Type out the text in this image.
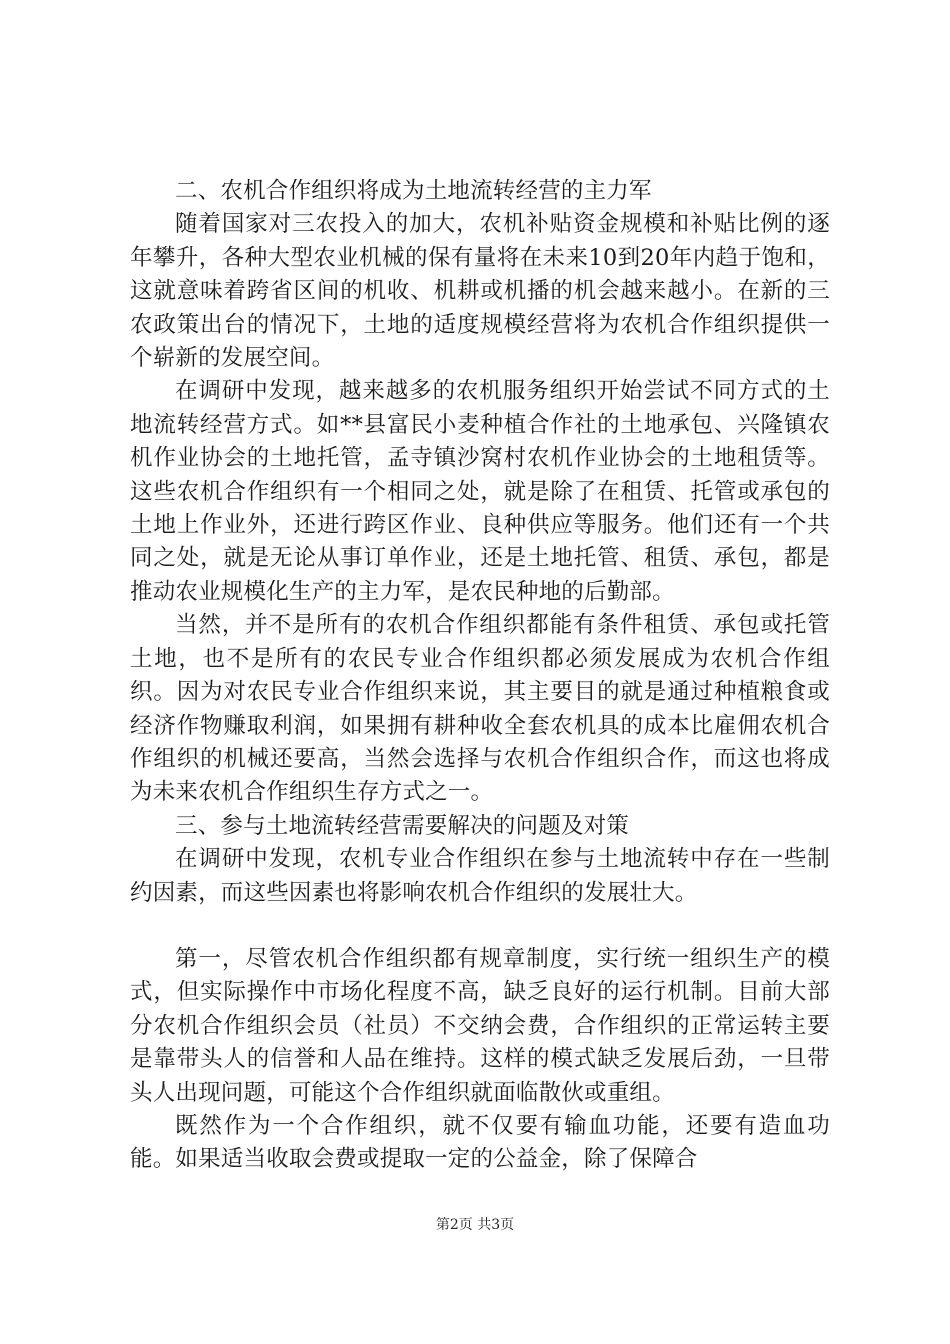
二、农机合作组织将成为土地流转经营的主力军

随着国家对三农投入的加大，农机补贴资金规模和补贴比例的逐年攀升，各种大型农业机械的保有量将在未来10到20年内趋于饱和，这就意味着跨省区间的机收、机耕或机播的机会越来越小。在新的三农政策出台的情况下，土地的适度规模经营将为农机合作组织提供一个崭新的发展空间。

在调研中发现，越来越多的农机服务组织开始尝试不同方式的土地流转经营方式。如**县富民小麦种植合作社的土地承包、兴隆镇农机作业协会的土地托管，孟寺镇沙窝村农机作业协会的土地租赁等。这些农机合作组织有一个相同之处，就是除了在租赁、托管或承包的土地上作业外，还进行跨区作业、良种供应等服务。他们还有一个共同之处，就是无论从事订单作业，还是土地托管、租赁、承包，都是推动农业规模化生产的主力军，是农民种地的后勤部。

当然，并不是所有的农机合作组织都能有条件租赁、承包或托管土地，也不是所有的农民专业合作组织都必须发展成为农机合作组织。因为对农民专业合作组织来说，其主要目的就是通过种植粮食或经济作物赚取利润，如果拥有耕种收全套农机具的成本比雇佣农机合作组织的机械还要高，当然会选择与农机合作组织合作，而这也将成为未来农机合作组织生存方式之一。

三、参与土地流转经营需要解决的问题及对策

在调研中发现，农机专业合作组织在参与土地流转中存在一些制约因素，而这些因素也将影响农机合作组织的发展壮大。

第一，尽管农机合作组织都有规章制度，实行统一组织生产的模式，但实际操作中市场化程度不高，缺乏良好的运行机制。目前大部分农机合作组织会员（社员）不交纳会费，合作组织的正常运转主要是靠带头人的信誉和人品在维持。这样的模式缺乏发展后劲，一旦带头人出现问题，可能这个合作组织就面临散伙或重组。

既然作为一个合作组织，就不仅要有输血功能，还要有造血功能。如果适当收取会费或提取一定的公益金，除了保障合

第2页 共3页
